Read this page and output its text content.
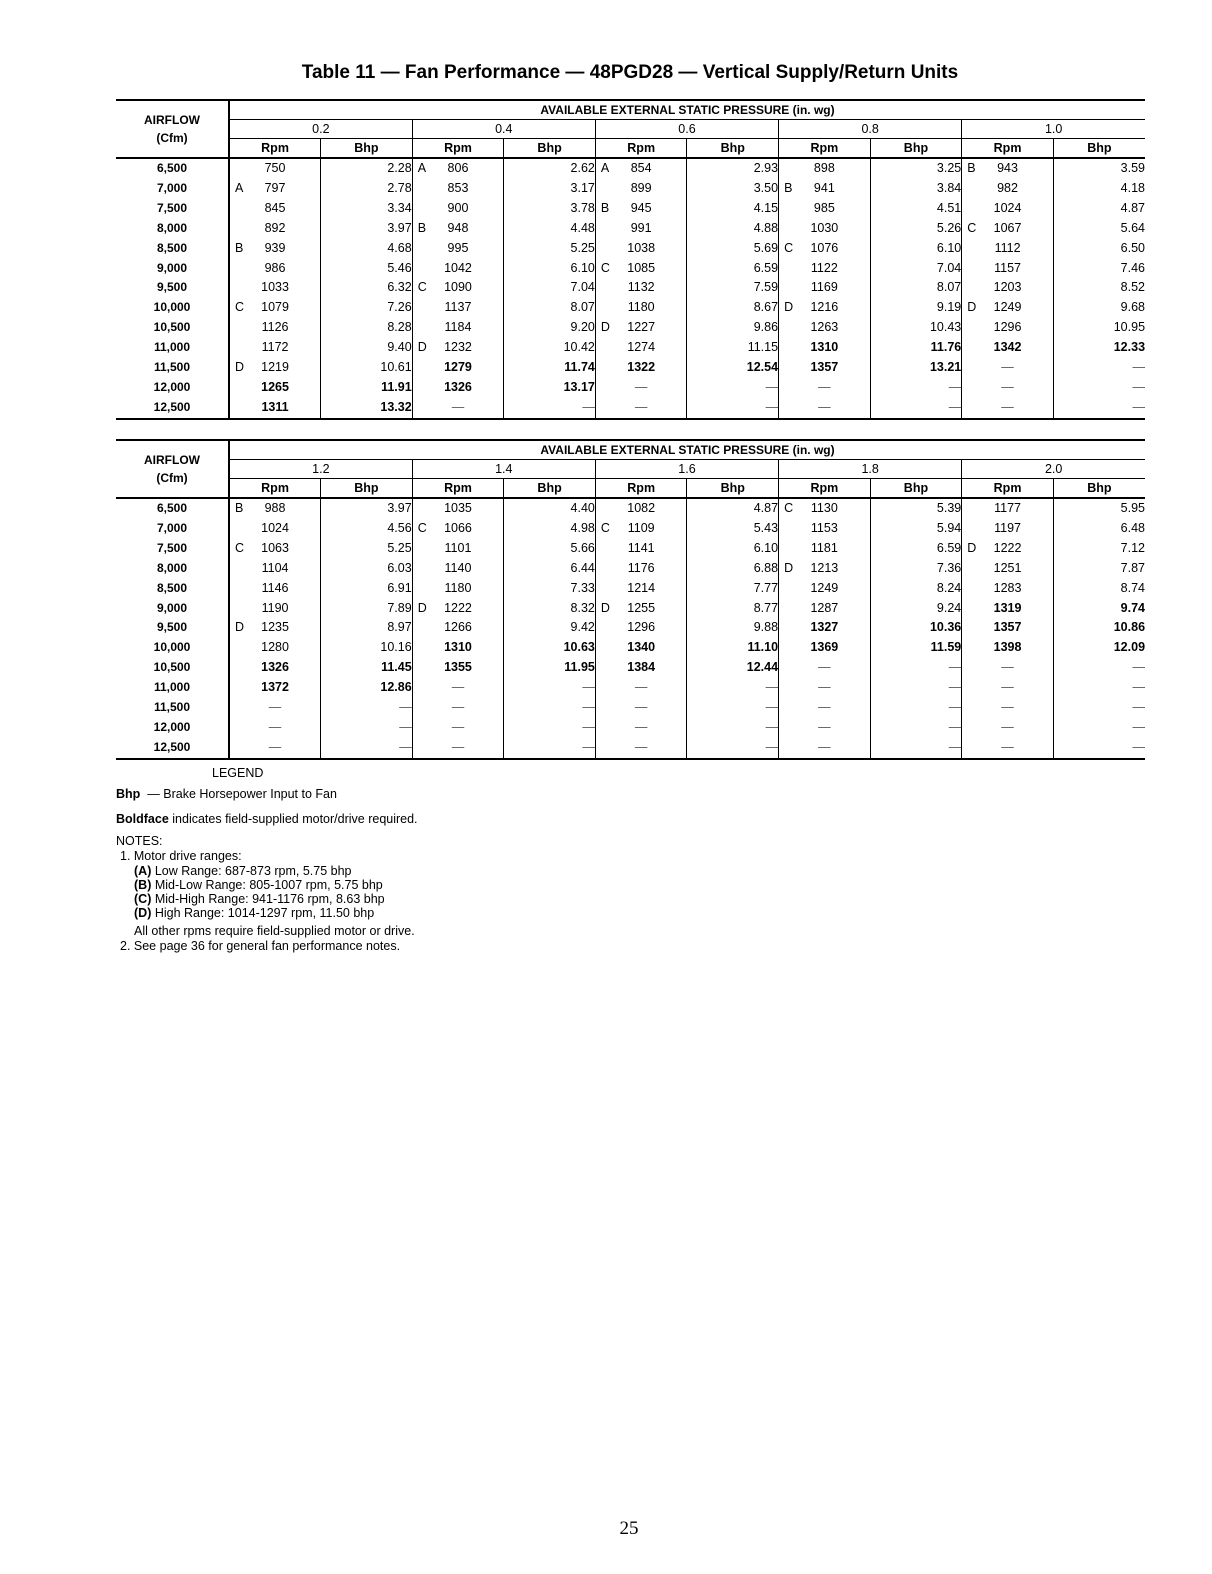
Table 11 — Fan Performance — 48PGD28 — Vertical Supply/Return Units
AIRFLOW
(Cfm)	AVAILABLE EXTERNAL STATIC PRESSURE (in. wg)									
	0.2		0.4		0.6		0.8		1.0	
	Rpm	Bhp	Rpm	Bhp	Rpm	Bhp	Rpm	Bhp	Rpm	Bhp
6,500	750	2.28	A 806	2.62	A 854	2.93	898	3.25	B 943	3.59
7,000	A 797	2.78	853	3.17	899	3.50	B 941	3.84	982	4.18
7,500	845	3.34	900	3.78	B 945	4.15	985	4.51	1024	4.87
8,000	892	3.97	B 948	4.48	991	4.88	1030	5.26	C 1067	5.64
8,500	B 939	4.68	995	5.25	1038	5.69	C 1076	6.10	1112	6.50
9,000	986	5.46	1042	6.10	C 1085	6.59	1122	7.04	1157	7.46
9,500	1033	6.32	C 1090	7.04	1132	7.59	1169	8.07	1203	8.52
10,000	C 1079	7.26	1137	8.07	1180	8.67	D 1216	9.19	D 1249	9.68
10,500	1126	8.28	1184	9.20	D 1227	9.86	1263	10.43	1296	10.95
11,000	1172	9.40	D 1232	10.42	1274	11.15	1310	11.76	1342	12.33
11,500	D 1219	10.61	1279	11.74	1322	12.54	1357	13.21	—	—
12,000	1265	11.91	1326	13.17	—	—	—	—	—	—
12,500	1311	13.32	—	—	—	—	—	—	—	—
AIRFLOW
(Cfm)	AVAILABLE EXTERNAL STATIC PRESSURE (in. wg)									
	1.2		1.4		1.6		1.8		2.0	
	Rpm	Bhp	Rpm	Bhp	Rpm	Bhp	Rpm	Bhp	Rpm	Bhp
6,500	B 988	3.97	1035	4.40	1082	4.87	C 1130	5.39	1177	5.95
7,000	1024	4.56	C 1066	4.98	C 1109	5.43	1153	5.94	1197	6.48
7,500	C 1063	5.25	1101	5.66	1141	6.10	1181	6.59	D 1222	7.12
8,000	1104	6.03	1140	6.44	1176	6.88	D 1213	7.36	1251	7.87
8,500	1146	6.91	1180	7.33	1214	7.77	1249	8.24	1283	8.74
9,000	1190	7.89	D 1222	8.32	D 1255	8.77	1287	9.24	1319	9.74
9,500	D 1235	8.97	1266	9.42	1296	9.88	1327	10.36	1357	10.86
10,000	1280	10.16	1310	10.63	1340	11.10	1369	11.59	1398	12.09
10,500	1326	11.45	1355	11.95	1384	12.44	—	—	—	—
11,000	1372	12.86	—	—	—	—	—	—	—	—
11,500	—	—	—	—	—	—	—	—	—	—
12,000	—	—	—	—	—	—	—	—	—	—
12,500	—	—	—	—	—	—	—	—	—	—

LEGEND

Bhp — Brake Horsepower Input to Fan

Boldface indicates field-supplied motor/drive required.

NOTES:

1. Motor drive ranges:

(A) Low Range: 687-873 rpm, 5.75 bhp

(B) Mid-Low Range: 805-1007 rpm, 5.75 bhp

(C) Mid-High Range: 941-1176 rpm, 8.63 bhp

(D) High Range: 1014-1297 rpm, 11.50 bhp

All other rpms require field-supplied motor or drive.

2. See page 36 for general fan performance notes.

25
